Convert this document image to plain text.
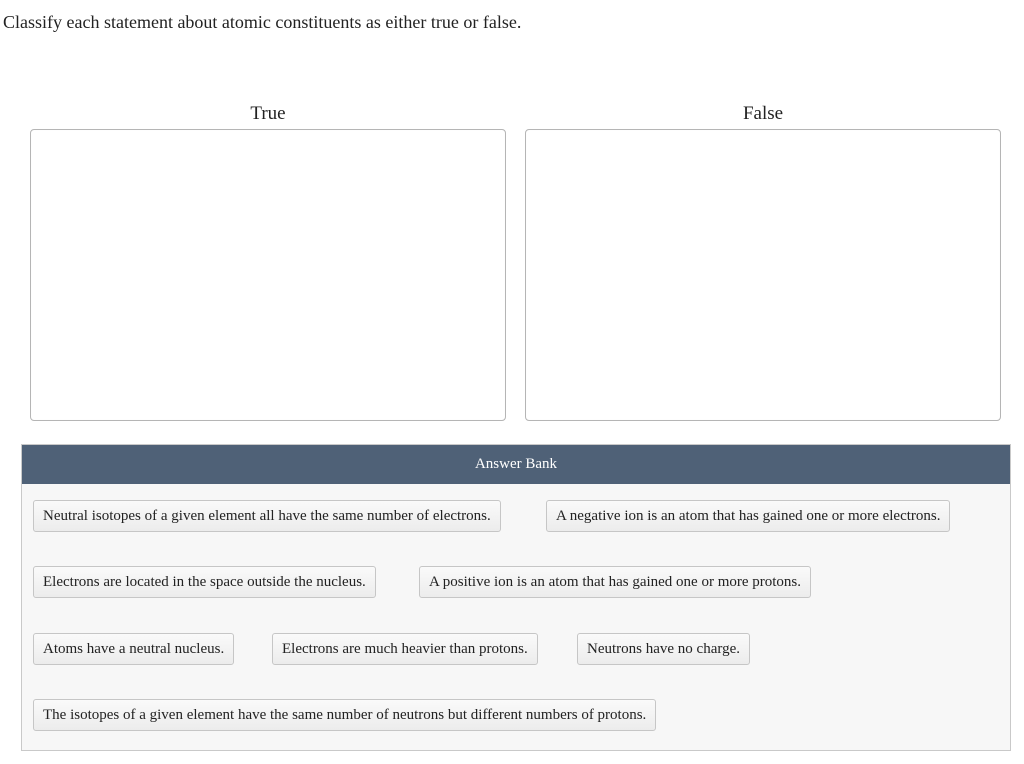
Classify each statement about atomic constituents as either true or false.
True	False
Answer Bank
Neutral isotopes of a given element all have the same number of electrons.	A negative ion is an atom that has gained one or more electrons.
Electrons are located in the space outside the nucleus.	A positive ion is an atom that has gained one or more protons.
Atoms have a neutral nucleus.	Electrons are much heavier than protons.	Neutrons have no charge.
The isotopes of a given element have the same number of neutrons but different numbers of protons.
